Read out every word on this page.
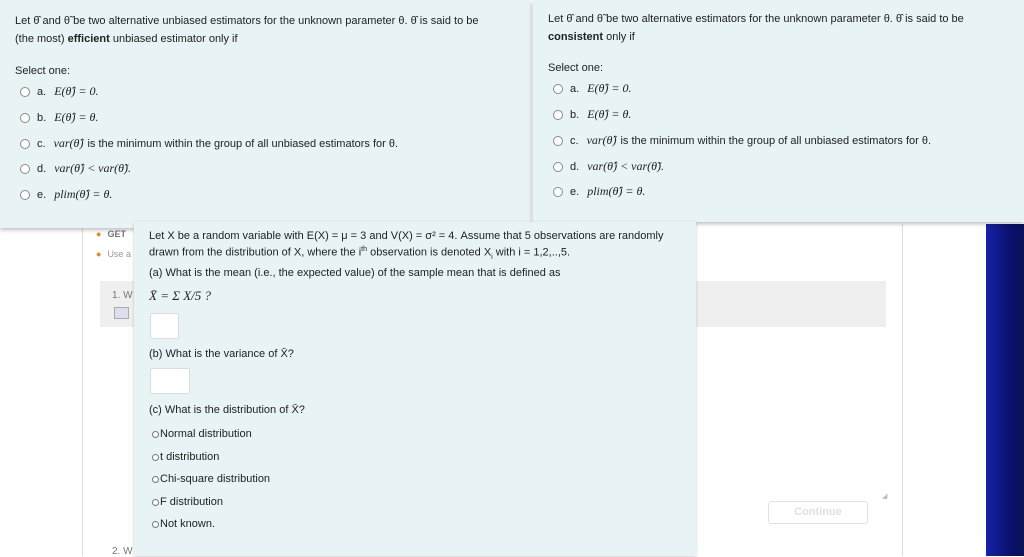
● GET
● Use a
1. W
2. W
Continue
◢
Let θ̂ and θ̃ be two alternative unbiased estimators for the unknown parameter θ. θ̂ is said to be
(the most) efficient unbiased estimator only if
Select one:
a. E(θ̂) = 0.
b. E(θ̂) = θ.
c. var(θ̂) is the minimum within the group of all unbiased estimators for θ.
d. var(θ̂) < var(θ̃).
e. plim(θ̂) = θ.
Let θ̂ and θ̃ be two alternative estimators for the unknown parameter θ. θ̂ is said to be
consistent only if
Select one:
a. E(θ̂) = 0.
b. E(θ̂) = θ.
c. var(θ̂) is the minimum within the group of all unbiased estimators for θ.
d. var(θ̂) < var(θ̃).
e. plim(θ̂) = θ.
Let X be a random variable with E(X) = μ = 3 and V(X) = σ² = 4. Assume that 5 observations are randomly
drawn from the distribution of X, where the $i^{th}$ observation is denoted $X_i$ with i = 1,2,..,5.
(a) What is the mean (i.e., the expected value) of the sample mean that is defined as
X̄ = Σ X/5 ?
(b) What is the variance of X̄?
(c) What is the distribution of X̄?
Normal distribution
t distribution
Chi-square distribution
F distribution
Not known.
